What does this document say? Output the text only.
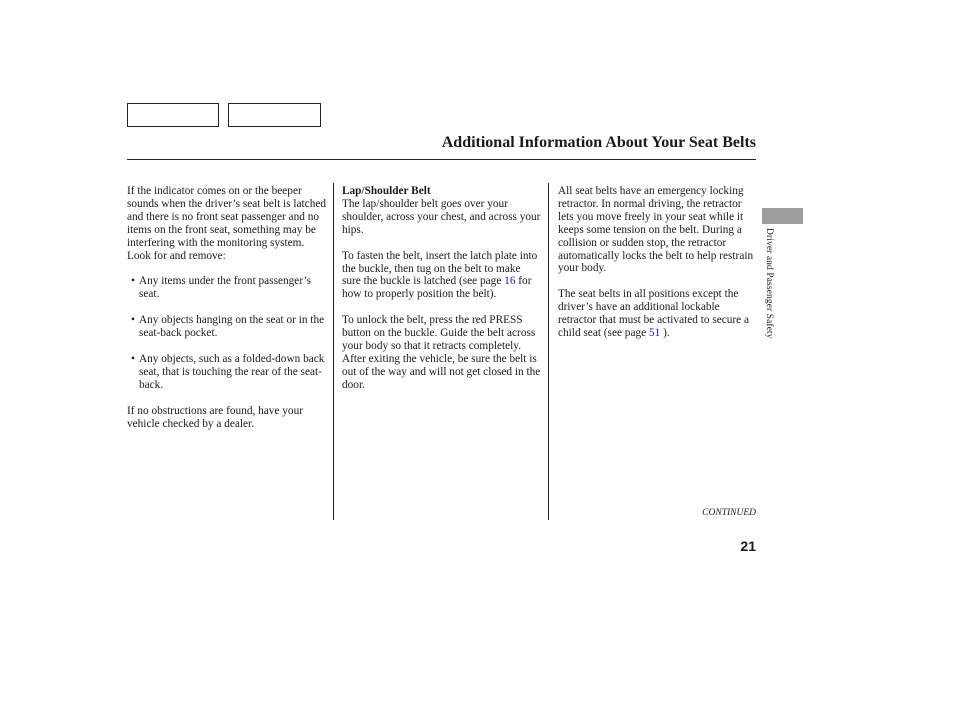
Additional Information About Your Seat Belts

If the indicator comes on or the beeper sounds when the driver’s seat belt is latched and there is no front seat passenger and no items on the front seat, something may be interfering with the monitoring system. Look for and remove:

• Any items under the front passenger’s seat.
• Any objects hanging on the seat or in the seat-back pocket.
• Any objects, such as a folded-down back seat, that is touching the rear of the seat-back.

If no obstructions are found, have your vehicle checked by a dealer.

Lap/Shoulder Belt
The lap/shoulder belt goes over your shoulder, across your chest, and across your hips.

To fasten the belt, insert the latch plate into the buckle, then tug on the belt to make sure the buckle is latched (see page 16 for how to properly position the belt).

To unlock the belt, press the red PRESS button on the buckle. Guide the belt across your body so that it retracts completely. After exiting the vehicle, be sure the belt is out of the way and will not get closed in the door.

All seat belts have an emergency locking retractor. In normal driving, the retractor lets you move freely in your seat while it keeps some tension on the belt. During a collision or sudden stop, the retractor automatically locks the belt to help restrain your body.

The seat belts in all positions except the driver’s have an additional lockable retractor that must be activated to secure a child seat (see page 51 ).	Driver and Passenger Safety
CONTINUED
21
